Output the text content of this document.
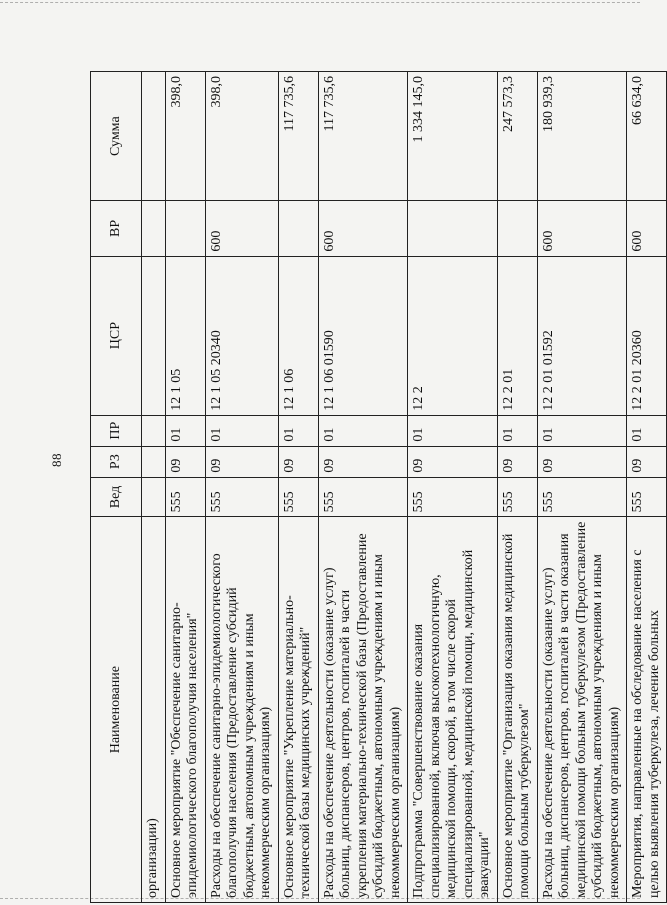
88
Наименование	Вед	РЗ	ПР	ЦСР	ВР	Сумма
организации)						
Основное мероприятие "Обеспечение санитарно-эпидемиологического благополучия населения"	555	09	01	12 1 05		398,0
Расходы на обеспечение санитарно-эпидемиологического благополучия населения (Предоставление субсидий бюджетным, автономным учреждениям и иным некоммерческим организациям)	555	09	01	12 1 05 20340	600	398,0
Основное мероприятие "Укрепление материально-технической базы медицинских учреждений"	555	09	01	12 1 06		117 735,6
Расходы на обеспечение деятельности (оказание услуг) больниц, диспансеров, центров, госпиталей в части укрепления материально-технической базы (Предоставление субсидий бюджетным, автономным учреждениям и иным некоммерческим организациям)	555	09	01	12 1 06 01590	600	117 735,6
Подпрограмма "Совершенствование оказания специализированной, включая высокотехнологичную, медицинской помощи, скорой, в том числе скорой специализированной, медицинской помощи, медицинской эвакуации"	555	09	01	12 2		1 334 145,0
Основное мероприятие "Организация оказания медицинской помощи больным туберкулезом"	555	09	01	12 2 01		247 573,3
Расходы на обеспечение деятельности (оказание услуг) больниц, диспансеров, центров, госпиталей в части оказания медицинской помощи больным туберкулезом (Предоставление субсидий бюджетным, автономным учреждениям и иным некоммерческим организациям)	555	09	01	12 2 01 01592	600	180 939,3
Мероприятия, направленные на обследование населения с целью выявления туберкулеза, лечение больных	555	09	01	12 2 01 20360	600	66 634,0
